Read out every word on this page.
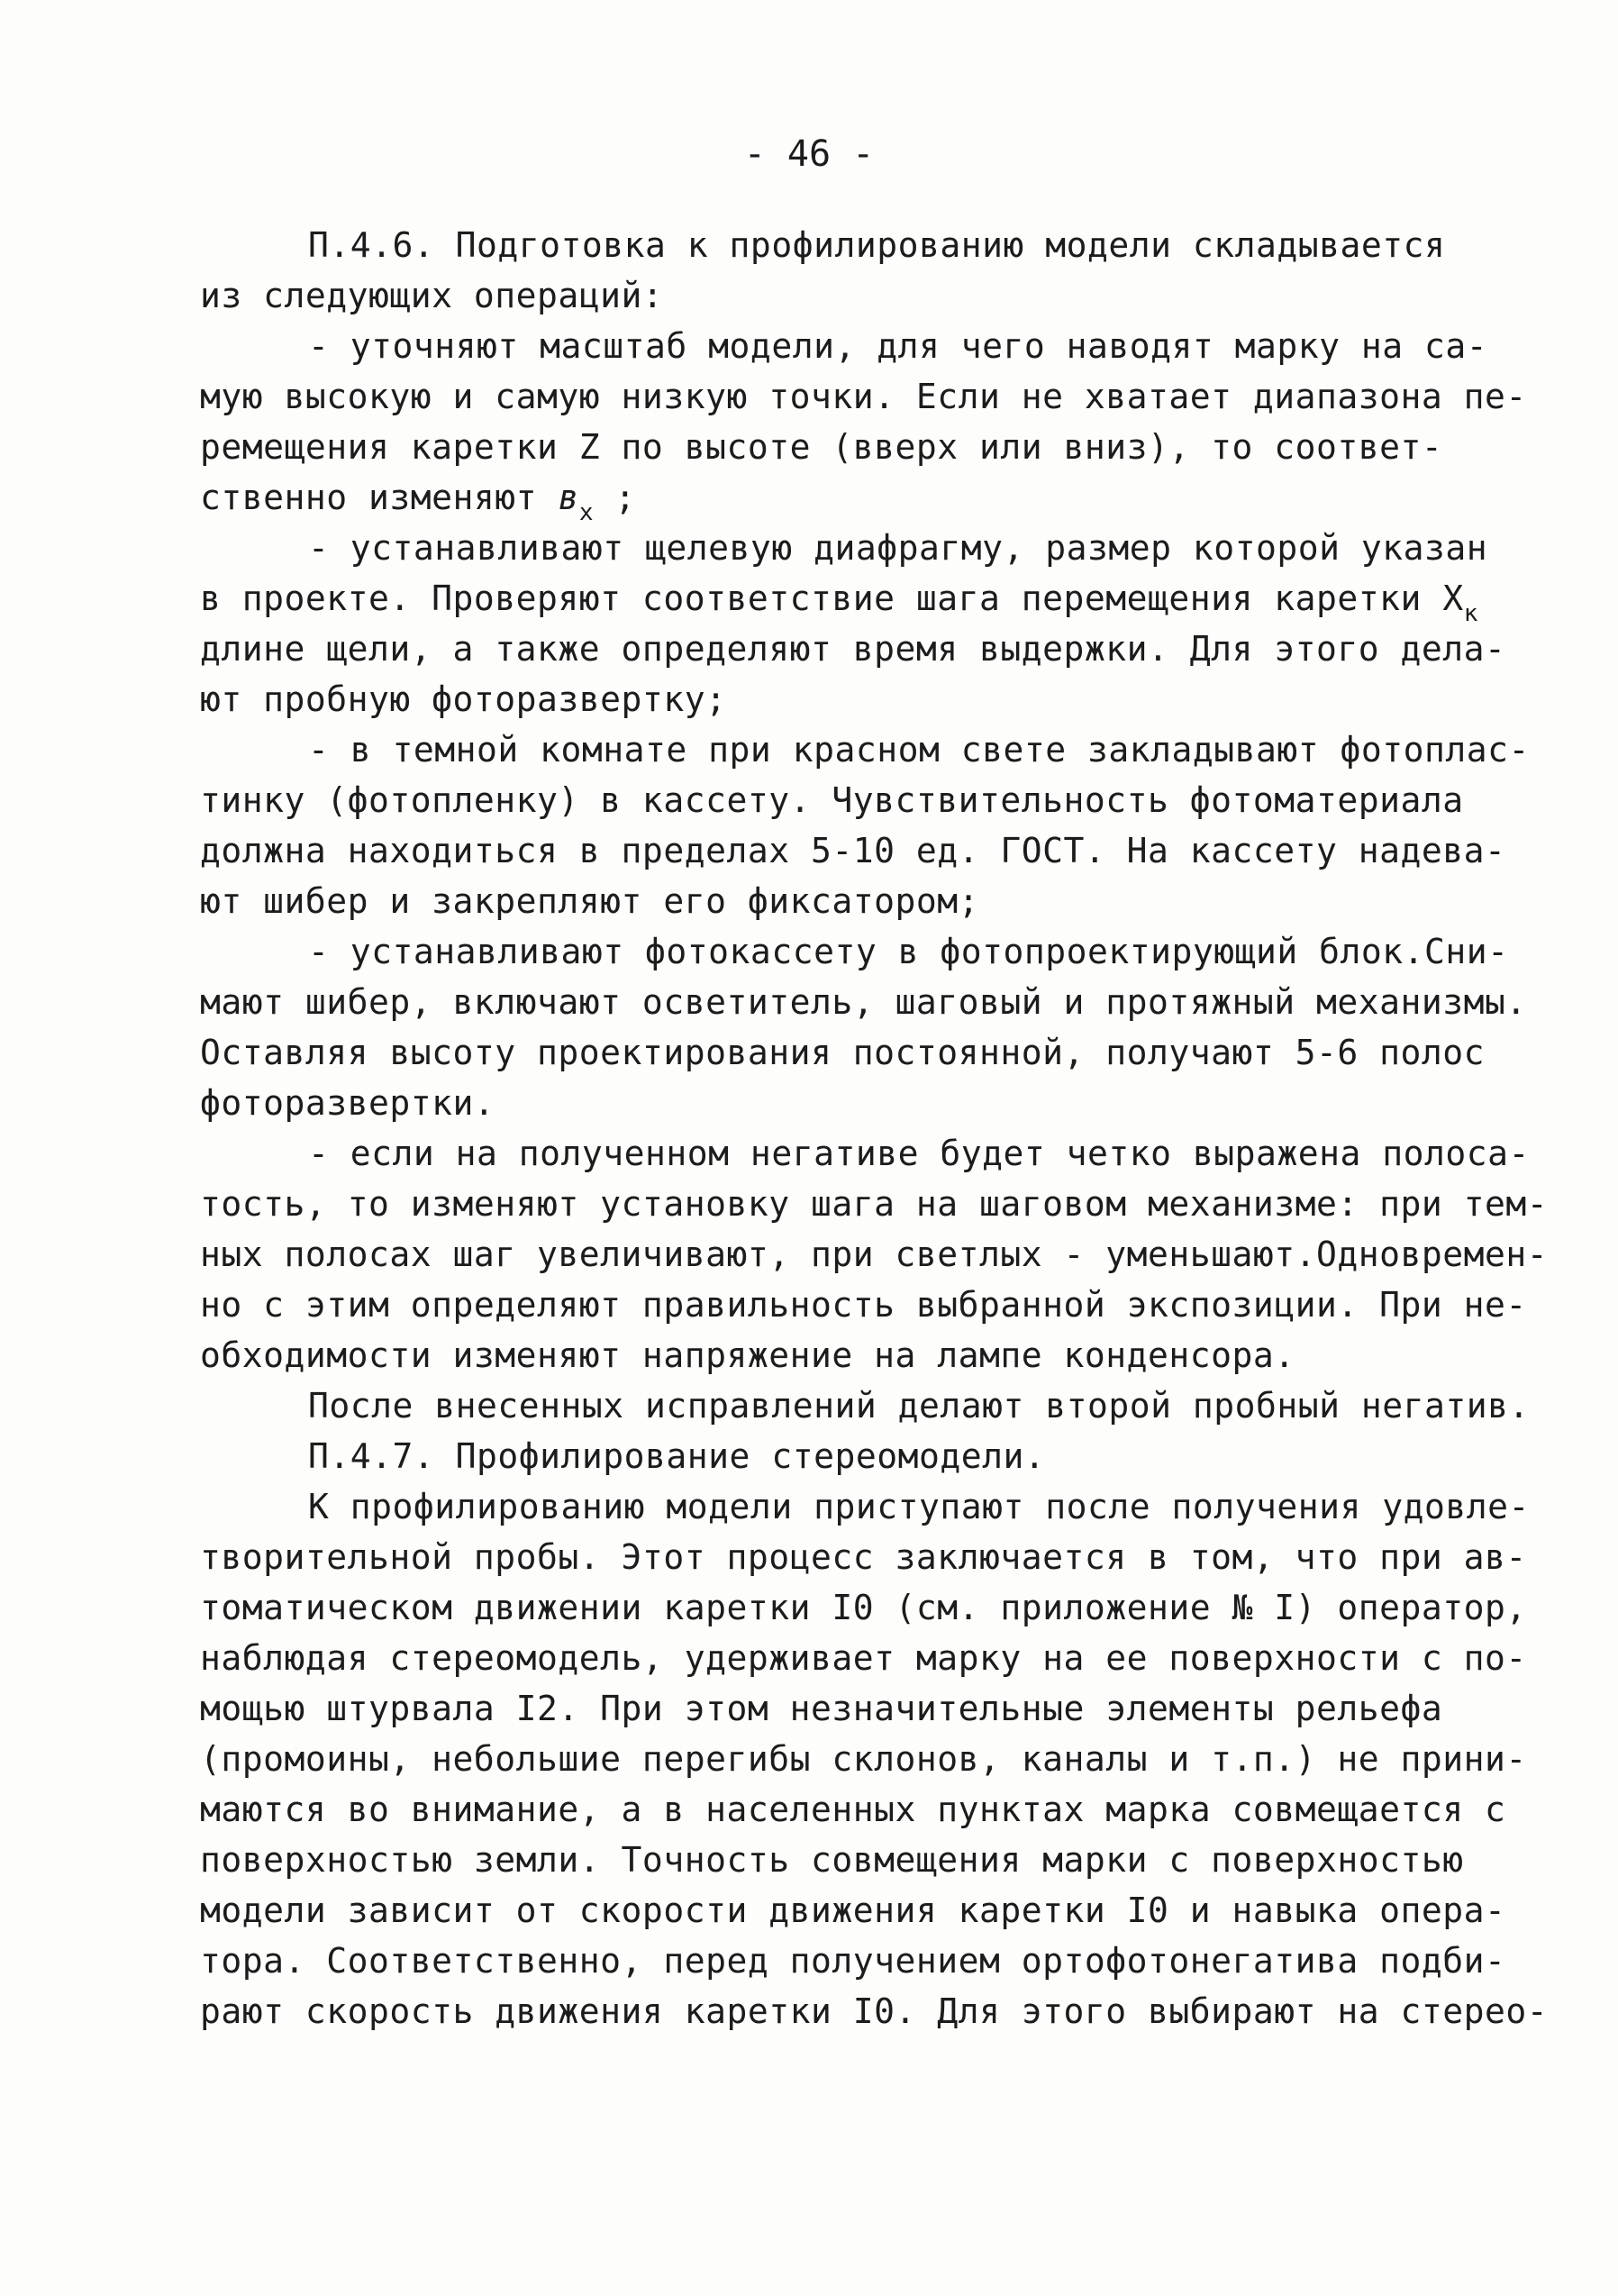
- 46 -
П.4.6. Подготовка к профилированию модели складывается
из следующих операций:
- уточняют масштаб модели, для чего наводят марку на са-
мую высокую и самую низкую точки. Если не хватает диапазона пе-
ремещения каретки Z по высоте (вверх или вниз), то соответ-
ственно изменяют $в_х$ ;
- устанавливают щелевую диафрагму, размер которой указан
в проекте. Проверяют соответствие шага перемещения каретки $Х_к$
длине щели, а также определяют время выдержки. Для этого дела-
ют пробную фоторазвертку;
- в темной комнате при красном свете закладывают фотоплас-
тинку (фотопленку) в кассету. Чувствительность фотоматериала
должна находиться в пределах 5-10 ед. ГОСТ. На кассету надева-
ют шибер и закрепляют его фиксатором;
- устанавливают фотокассету в фотопроектирующий блок.Сни-
мают шибер, включают осветитель, шаговый и протяжный механизмы.
Оставляя высоту проектирования постоянной, получают 5-6 полос
фоторазвертки.
- если на полученном негативе будет четко выражена полоса-
тость, то изменяют установку шага на шаговом механизме: при тем-
ных полосах шаг увеличивают, при светлых - уменьшают.Одновремен-
но с этим определяют правильность выбранной экспозиции. При не-
обходимости изменяют напряжение на лампе конденсора.
После внесенных исправлений делают второй пробный негатив.
П.4.7. Профилирование стереомодели.
К профилированию модели приступают после получения удовле-
творительной пробы. Этот процесс заключается в том, что при ав-
томатическом движении каретки I0 (см. приложение № I) оператор,
наблюдая стереомодель, удерживает марку на ее поверхности с по-
мощью штурвала I2. При этом незначительные элементы рельефа
(промоины, небольшие перегибы склонов, каналы и т.п.) не прини-
маются во внимание, а в населенных пунктах марка совмещается с
поверхностью земли. Точность совмещения марки с поверхностью
модели зависит от скорости движения каретки I0 и навыка опера-
тора. Соответственно, перед получением ортофотонегатива подби-
рают скорость движения каретки I0. Для этого выбирают на стерео-
